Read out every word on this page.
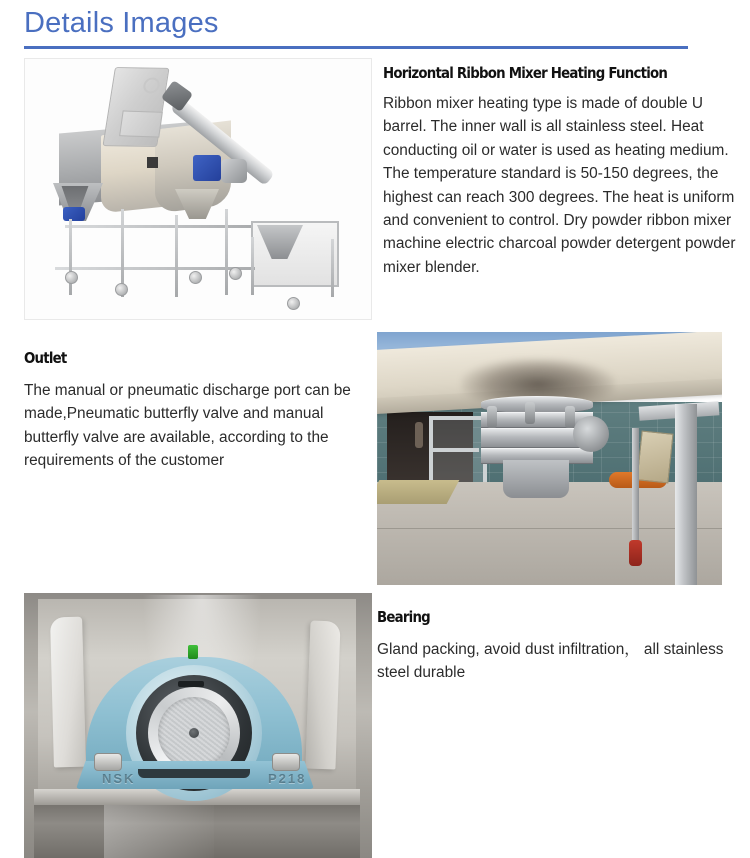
Details Images
Horizontal Ribbon Mixer Heating Function

Ribbon mixer heating type is made of double U barrel. The inner wall is all stainless steel. Heat conducting oil or water is used as heating medium. The temperature standard is 50-150 degrees, the highest can reach 300 degrees. The heat is uniform and convenient to control. Dry powder ribbon mixer machine electric charcoal powder detergent powder mixer blender.

Outlet

The manual or pneumatic discharge port can be made,Pneumatic butterfly valve and manual butterfly valve are available, according to the requirements of the customer

NSK	P218
Bearing

Gland packing, avoid dust infiltration， all stainless steel durable
